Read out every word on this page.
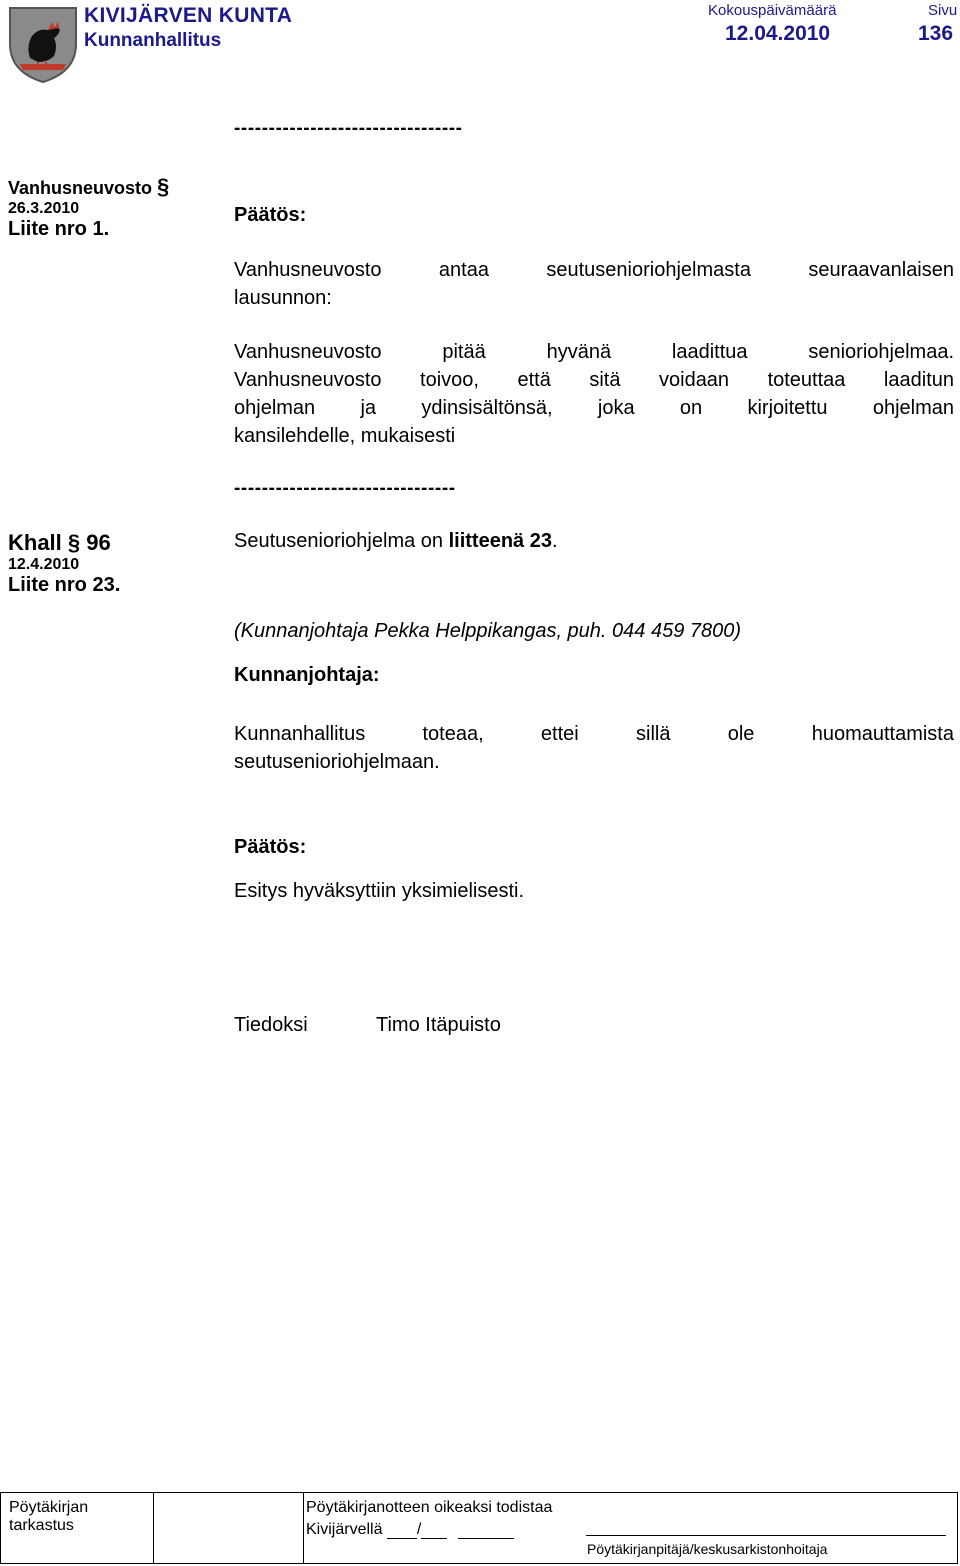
KIVIJÄRVEN KUNTA
Kunnanhallitus
Kokouspäivämäärä
12.04.2010
Sivu
136
---------------------------------
Vanhusneuvosto §
26.3.2010
Liite nro 1.
Päätös:
Vanhusneuvosto antaa seutusenioriohjelmasta seuraavanlaisen
lausunnon:
Vanhusneuvosto pitää hyvänä laadittua senioriohjelmaa.
Vanhusneuvosto toivoo, että sitä voidaan toteuttaa laaditun
ohjelman ja ydinsisältönsä, joka on kirjoitettu ohjelman
kansilehdelle, mukaisesti
--------------------------------
Khall § 96
12.4.2010
Liite nro 23.
Seutusenioriohjelma on liitteenä 23.
(Kunnanjohtaja Pekka Helppikangas, puh. 044 459 7800)
Kunnanjohtaja:
Kunnanhallitus toteaa, ettei sillä ole huomauttamista
seutusenioriohjelmaan.
Päätös:
Esitys hyväksyttiin yksimielisesti.
Tiedoksi	Timo Itäpuisto
Pöytäkirjan tarkastus
Pöytäkirjanotteen oikeaksi todistaa
Kivijärvellä /
Pöytäkirjanpitäjä/keskusarkistonhoitaja
